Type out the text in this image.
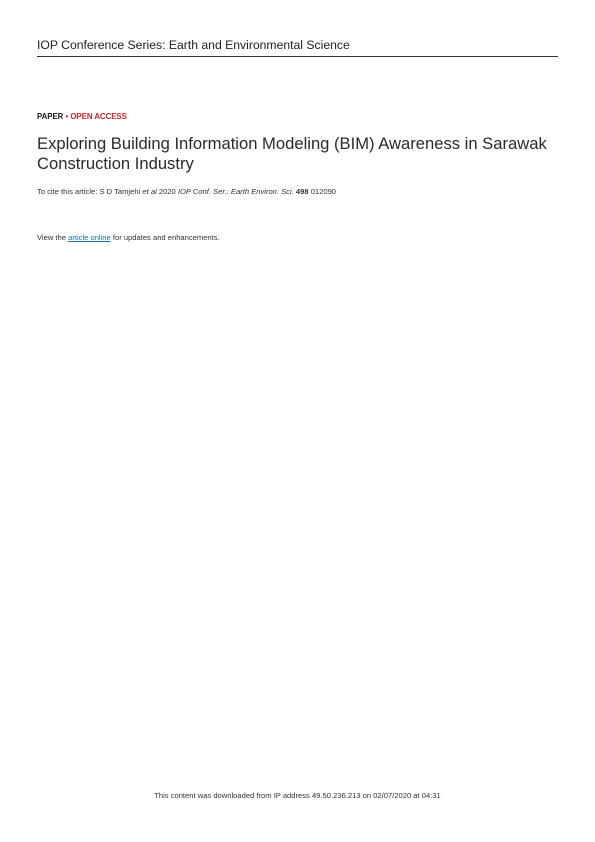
IOP Conference Series: Earth and Environmental Science
PAPER • OPEN ACCESS
Exploring Building Information Modeling (BIM) Awareness in Sarawak Construction Industry
To cite this article: S D Tamjehi et al 2020 IOP Conf. Ser.: Earth Environ. Sci. 498 012090
View the article online for updates and enhancements.
This content was downloaded from IP address 49.50.236.213 on 02/07/2020 at 04:31
